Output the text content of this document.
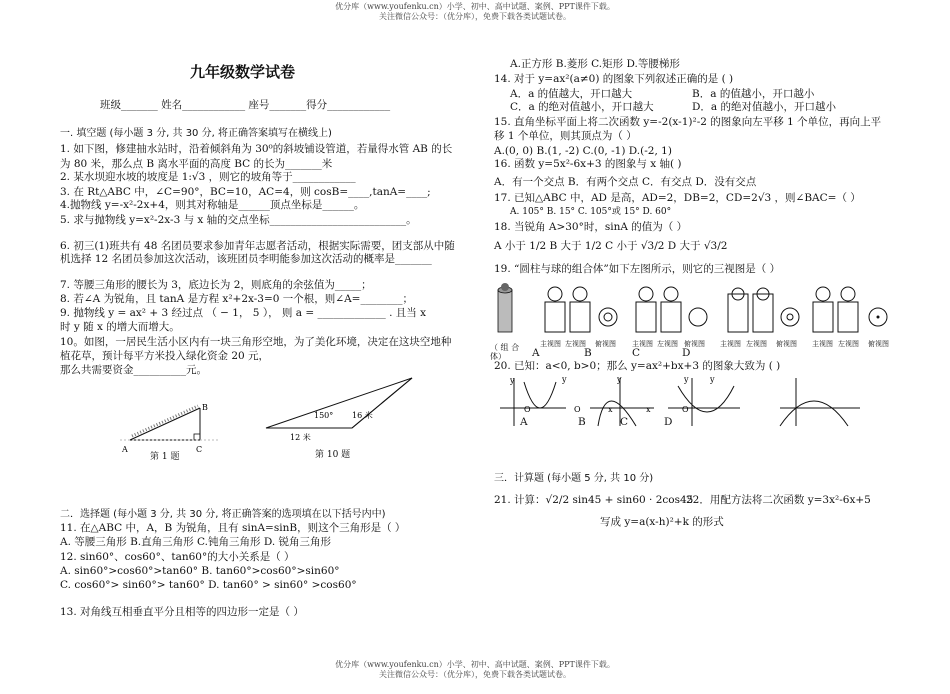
优分库（www.youfenku.cn）小学、初中、高中试题、案例、PPT课件下载。
关注微信公众号：（优分库），免费下载各类试题试卷。
优分库（www.youfenku.cn）小学、初中、高中试题、案例、PPT课件下载。
关注微信公众号：（优分库），免费下载各类试题试卷。
九年级数学试卷
班级_______ 姓名____________ 座号_______得分____________
一. 填空题 (每小题 3 分, 共 30 分, 将正确答案填写在横线上)
1. 如下图，修建抽水站时，沿着倾斜角为 30⁰的斜坡铺设管道，若量得水管 AB 的长
为 80 米，那么点 B 离水平面的高度 BC 的长为_______米
2. 某水坝迎水坡的坡度是 1:√3 ，则它的坡角等于____________
3. 在 Rt△ABC 中，∠C=90°，BC=10，AC=4，则 cosB=____,tanA=____;
4.抛物线 y=-x²-2x+4，则其对称轴是______顶点坐标是______。
5. 求与抛物线 y=x²-2x-3 与 x 轴的交点坐标__________________________。
6. 初三(1)班共有 48 名团员要求参加青年志愿者活动，根据实际需要，团支部从中随
机选择 12 名团员参加这次活动，该班团员李明能参加这次活动的概率是_______
7. 等腰三角形的腰长为 3，底边长为 2，则底角的余弦值为_____；
8. 若∠A 为锐角，且 tanA 是方程 x²+2x-3=0 一个根，则∠A=________；
9. 抛物线 y = ax² + 3 经过点 （ − 1， 5 ）， 则 a = _____________ . 且当 x
时 y 随 x 的增大而增大。
10。如图，一居民生活小区内有一块三角形空地，为了美化环境，决定在这块空地种
植花草，预计每平方米投入绿化资金 20 元，
那么共需要资金__________元。
A
B
C
第 1 题
150° 16 米
12 米
第 10 题
二．选择题 (每小题 3 分, 共 30 分, 将正确答案的选项填在以下括号内中)
11. 在△ABC 中，A，B 为锐角，且有 sinA=sinB，则这个三角形是（ ）
A. 等腰三角形 B.直角三角形 C.钝角三角形 D. 锐角三角形
12. sin60°、cos60°、tan60°的大小关系是（ ）
A. sin60°>cos60°>tan60° B. tan60°>cos60°>sin60°
C. cos60°> sin60°> tan60° D. tan60° > sin60° >cos60°
13. 对角线互相垂直平分且相等的四边形一定是（ ）
A.正方形 B.菱形 C.矩形 D.等腰梯形
14. 对于 y=ax²(a≠0) 的图象下列叙述正确的是 ( )
A．a 的值越大，开口越大	B．a 的值越小，开口越小
C．a 的绝对值越小，开口越大	D．a 的绝对值越小，开口越小
15. 直角坐标平面上将二次函数 y=-2(x-1)²-2 的图象向左平移 1 个单位，再向上平
移 1 个单位，则其顶点为（ ）
A.(0, 0) B.(1, -2) C.(0, -1) D.(-2, 1)
16. 函数 y=5x²-6x+3 的图象与 x 轴( )
A．有一个交点 B．有两个交点 C．有交点 D．没有交点
17. 已知△ABC 中，AD 是高，AD=2，DB=2，CD=2√3 ，则∠BAC=（ ）
A. 105° B. 15° C. 105°或 15° D. 60°
18. 当锐角 A>30°时，sinA 的值为（ ）
A 小于 1/2 B 大于 1/2 C 小于 √3/2 D 大于 √3/2
19. “圆柱与球的组合体”如下左图所示，则它的三视图是（ ）
主视图 左视图 俯视图 主视图 左视图 俯视图 主视图 左视图 俯视图 主视图 左视图 俯视图
（ 组 合
体） A	B	C	D
20. 已知：a<0, b>0；那么 y=ax²+bx+3 的图象大致为 ( )
y	y
O	O	x
y
x	O
y
y
A	B	C	D
三．计算题 (每小题 5 分, 共 10 分)
21. 计算：√2/2 sin45 + sin60 · 2cos45
22．用配方法将二次函数 y=3x²-6x+5
写成 y=a(x-h)²+k 的形式
